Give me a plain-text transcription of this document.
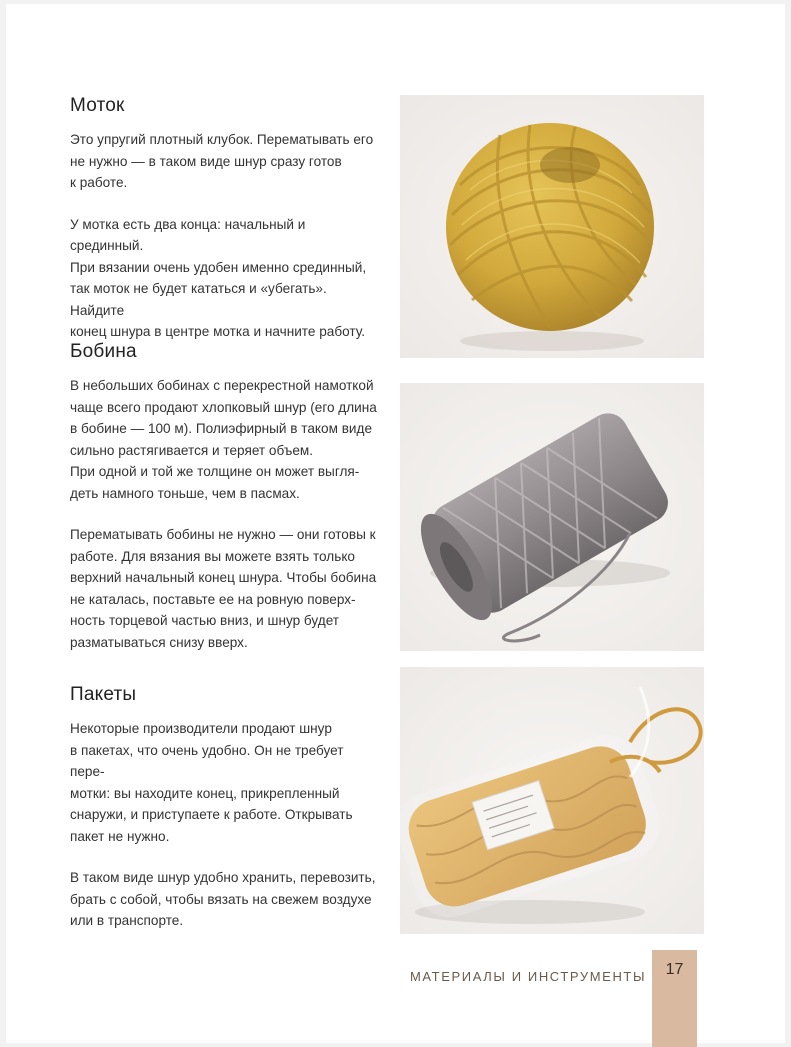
Моток

Это упругий плотный клубок. Перематывать его
не нужно — в таком виде шнур сразу готов
к работе.

У мотка есть два конца: начальный и срединный.
При вязании очень удобен именно срединный,
так моток не будет кататься и «убегать». Найдите
конец шнура в центре мотка и начните работу.

Бобина

В небольших бобинах с перекрестной намоткой
чаще всего продают хлопковый шнур (его длина
в бобине — 100 м). Полиэфирный в таком виде
сильно растягивается и теряет объем.
При одной и той же толщине он может выгля-
деть намного тоньше, чем в пасмах.

Перематывать бобины не нужно — они готовы к
работе. Для вязания вы можете взять только
верхний начальный конец шнура. Чтобы бобина
не каталась, поставьте ее на ровную поверх-
ность торцевой частью вниз, и шнур будет
разматываться снизу вверх.

Пакеты

Некоторые производители продают шнур
в пакетах, что очень удобно. Он не требует пере-
мотки: вы находите конец, прикрепленный
снаружи, и приступаете к работе. Открывать
пакет не нужно.

В таком виде шнур удобно хранить, перевозить,
брать с собой, чтобы вязать на свежем воздухе
или в транспорте.

МАТЕРИАЛЫ И ИНСТРУМЕНТЫ	17
